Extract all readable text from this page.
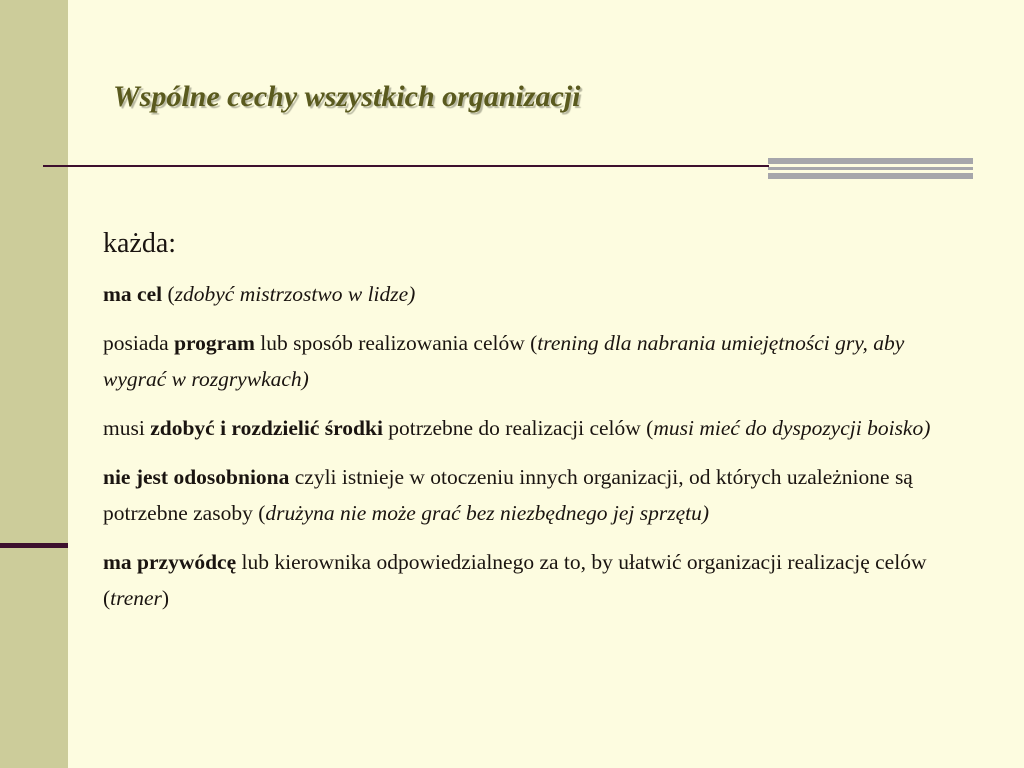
Wspólne cechy wszystkich organizacji

każda:

ma cel (zdobyć mistrzostwo w lidze)

posiada program lub sposób realizowania celów (trening dla nabrania umiejętności gry, aby wygrać w rozgrywkach)

musi zdobyć i rozdzielić środki potrzebne do realizacji celów (musi mieć do dyspozycji boisko)

nie jest odosobniona czyli istnieje w otoczeniu innych organizacji, od których uzależnione są potrzebne zasoby (drużyna nie może grać bez niezbędnego jej sprzętu)

ma przywódcę lub kierownika odpowiedzialnego za to, by ułatwić organizacji realizację celów (trener)
